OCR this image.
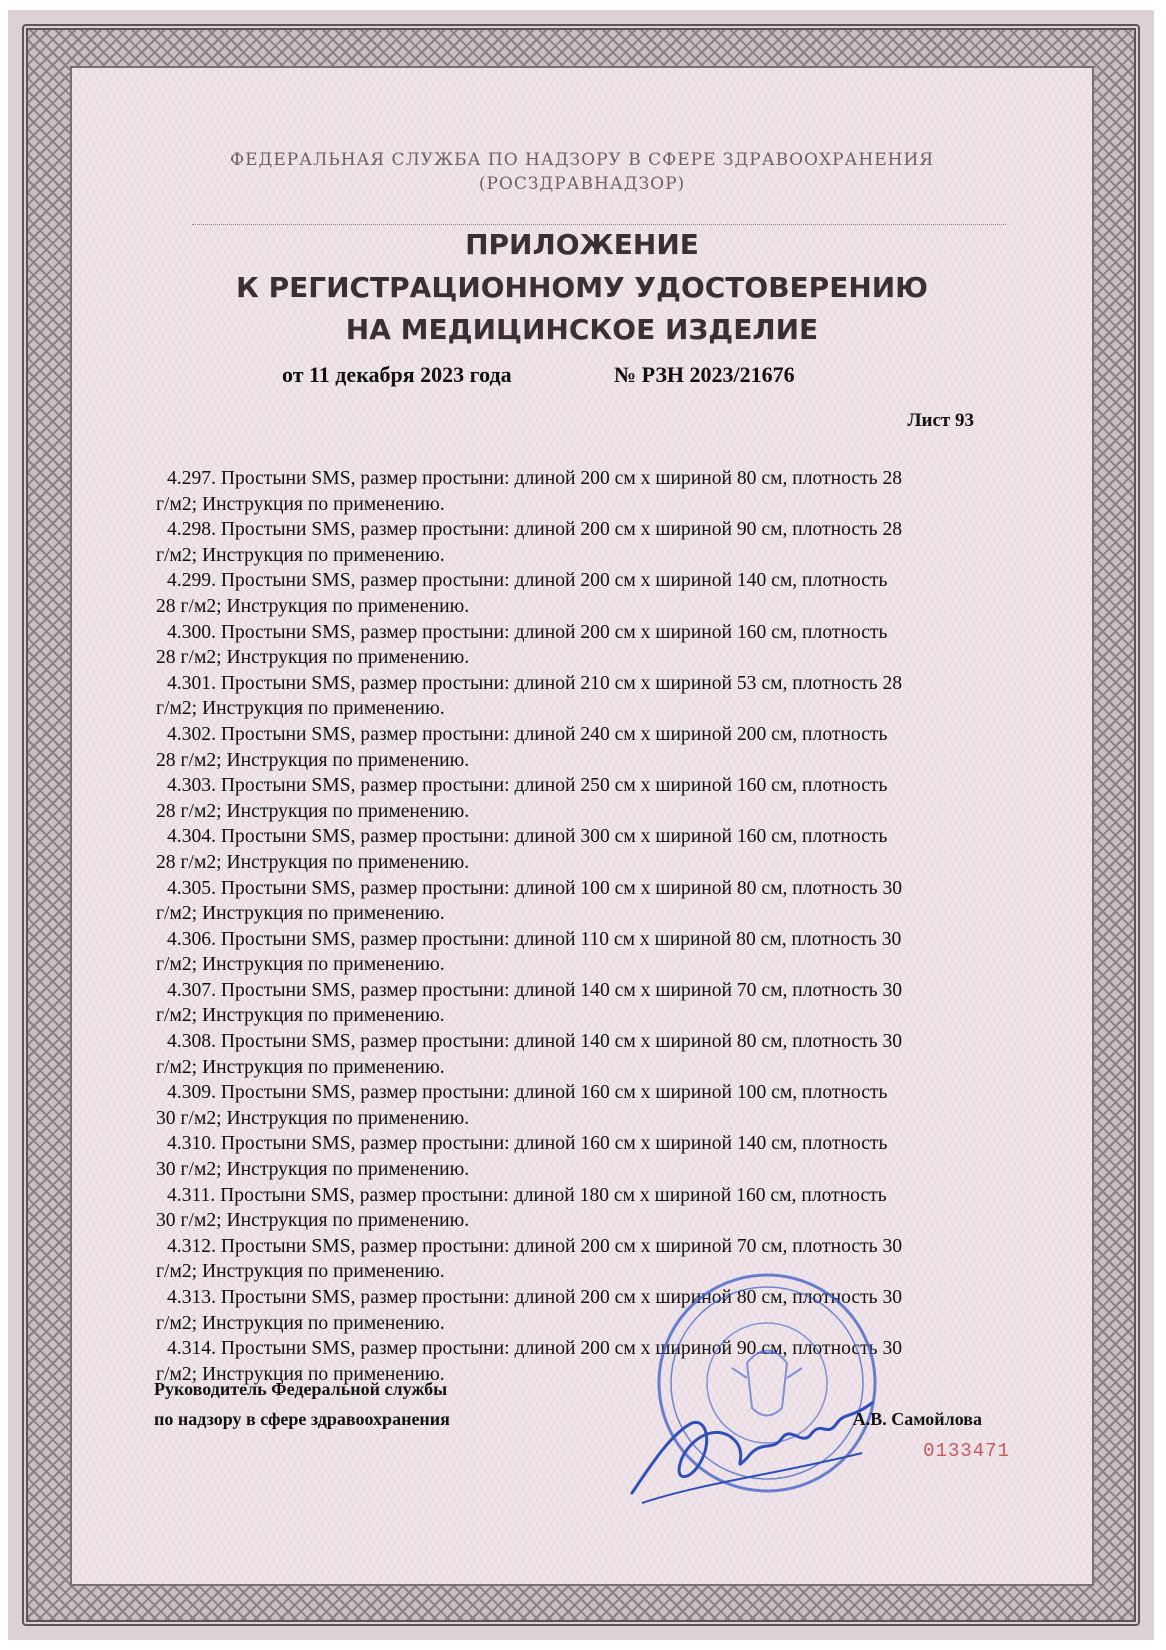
ФЕДЕРАЛЬНАЯ СЛУЖБА ПО НАДЗОРУ В СФЕРЕ ЗДРАВООХРАНЕНИЯ
(РОСЗДРАВНАДЗОР)
ПРИЛОЖЕНИЕ
К РЕГИСТРАЦИОННОМУ УДОСТОВЕРЕНИЮ
НА МЕДИЦИНСКОЕ ИЗДЕЛИЕ
от 11 декабря 2023 года	№ РЗН 2023/21676
Лист 93
4.297. Простыни SMS, размер простыни: длиной 200 см х шириной 80 см, плотность 28
г/м2; Инструкция по применению.
4.298. Простыни SMS, размер простыни: длиной 200 см х шириной 90 см, плотность 28
г/м2; Инструкция по применению.
4.299. Простыни SMS, размер простыни: длиной 200 см х шириной 140 см, плотность
28 г/м2; Инструкция по применению.
4.300. Простыни SMS, размер простыни: длиной 200 см х шириной 160 см, плотность
28 г/м2; Инструкция по применению.
4.301. Простыни SMS, размер простыни: длиной 210 см х шириной 53 см, плотность 28
г/м2; Инструкция по применению.
4.302. Простыни SMS, размер простыни: длиной 240 см х шириной 200 см, плотность
28 г/м2; Инструкция по применению.
4.303. Простыни SMS, размер простыни: длиной 250 см х шириной 160 см, плотность
28 г/м2; Инструкция по применению.
4.304. Простыни SMS, размер простыни: длиной 300 см х шириной 160 см, плотность
28 г/м2; Инструкция по применению.
4.305. Простыни SMS, размер простыни: длиной 100 см х шириной 80 см, плотность 30
г/м2; Инструкция по применению.
4.306. Простыни SMS, размер простыни: длиной 110 см х шириной 80 см, плотность 30
г/м2; Инструкция по применению.
4.307. Простыни SMS, размер простыни: длиной 140 см х шириной 70 см, плотность 30
г/м2; Инструкция по применению.
4.308. Простыни SMS, размер простыни: длиной 140 см х шириной 80 см, плотность 30
г/м2; Инструкция по применению.
4.309. Простыни SMS, размер простыни: длиной 160 см х шириной 100 см, плотность
30 г/м2; Инструкция по применению.
4.310. Простыни SMS, размер простыни: длиной 160 см х шириной 140 см, плотность
30 г/м2; Инструкция по применению.
4.311. Простыни SMS, размер простыни: длиной 180 см х шириной 160 см, плотность
30 г/м2; Инструкция по применению.
4.312. Простыни SMS, размер простыни: длиной 200 см х шириной 70 см, плотность 30
г/м2; Инструкция по применению.
4.313. Простыни SMS, размер простыни: длиной 200 см х шириной 80 см, плотность 30
г/м2; Инструкция по применению.
4.314. Простыни SMS, размер простыни: длиной 200 см х шириной 90 см, плотность 30
г/м2; Инструкция по применению.
Руководитель Федеральной службы
по надзору в сфере здравоохранения	А.В. Самойлова
0133471
